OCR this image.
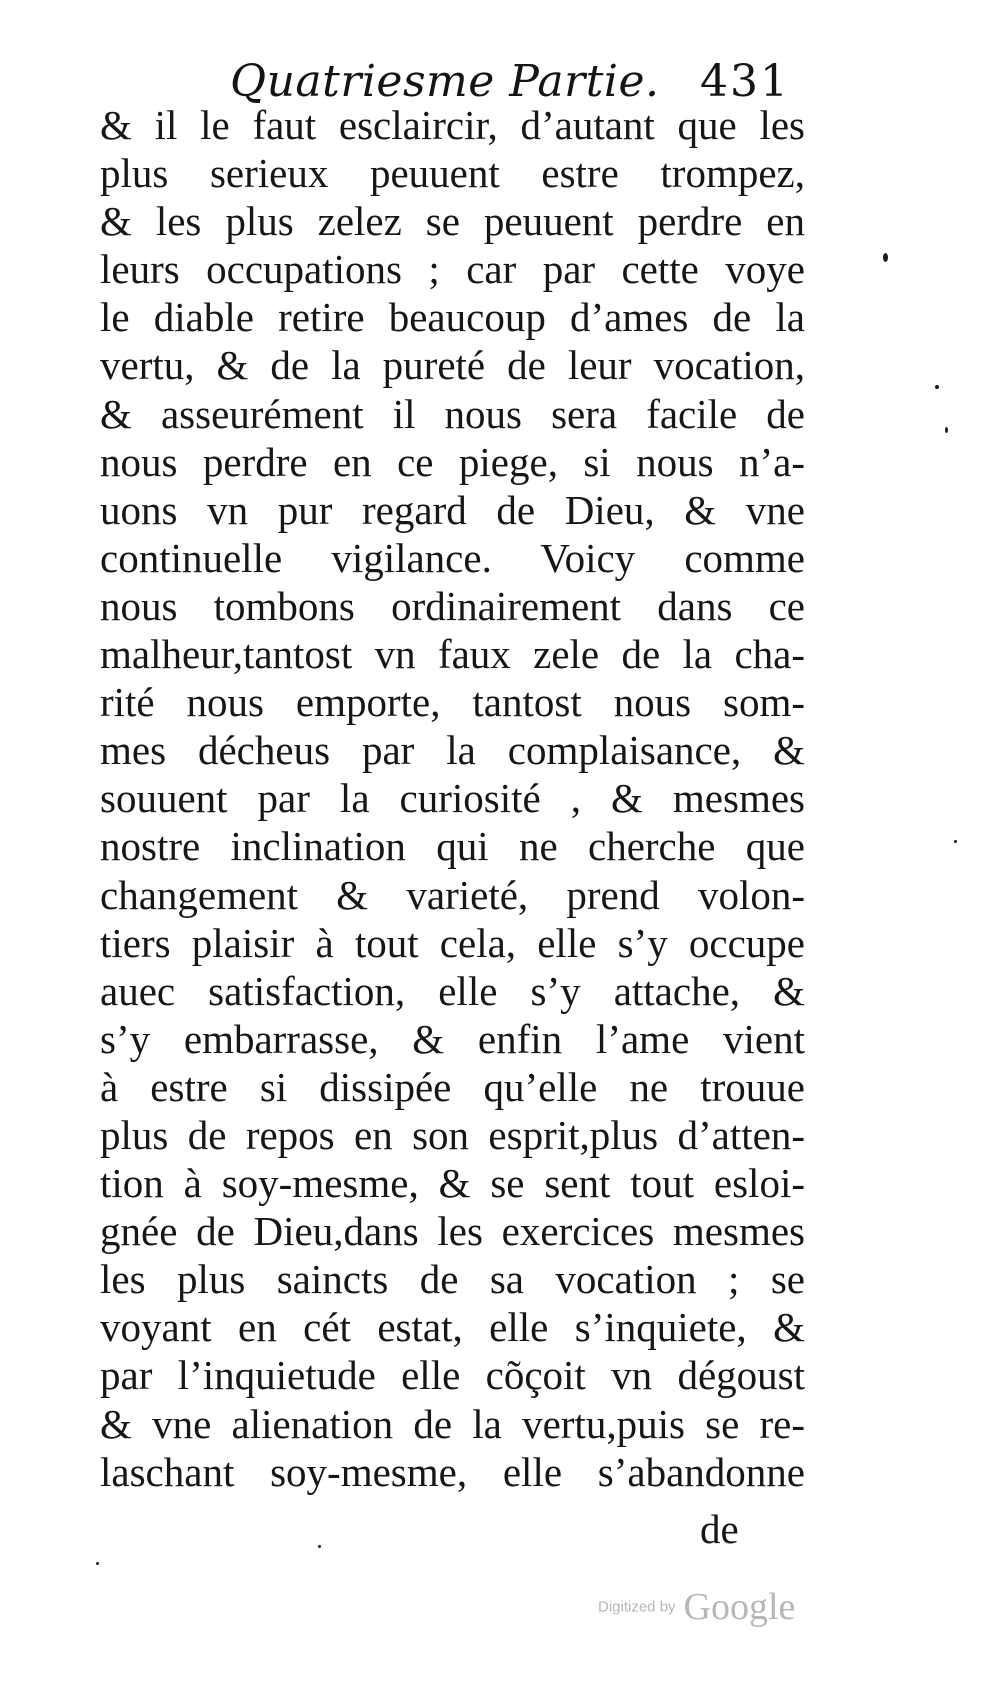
Quatriesme Partie. 431
& il le faut esclaircir, d’autant que les
plus serieux peuuent estre trompez,
& les plus zelez se peuuent perdre en
leurs occupations ; car par cette voye
le diable retire beaucoup d’ames de la
vertu, & de la pureté de leur vocation,
& asseurément il nous sera facile de
nous perdre en ce piege, si nous n’a-
uons vn pur regard de Dieu, & vne
continuelle vigilance. Voicy comme
nous tombons ordinairement dans ce
malheur,tantost vn faux zele de la cha-
rité nous emporte, tantost nous som-
mes décheus par la complaisance, &
souuent par la curiosité , & mesmes
nostre inclination qui ne cherche que
changement & varieté, prend volon-
tiers plaisir à tout cela, elle s’y occupe
auec satisfaction, elle s’y attache, &
s’y embarrasse, & enfin l’ame vient
à estre si dissipée qu’elle ne trouue
plus de repos en son esprit,plus d’atten-
tion à soy-mesme, & se sent tout esloi-
gnée de Dieu,dans les exercices mesmes
les plus saincts de sa vocation ; se
voyant en cét estat, elle s’inquiete, &
par l’inquietude elle cõçoit vn dégoust
& vne alienation de la vertu,puis se re-
laschant soy-mesme, elle s’abandonne
de
Digitized by Google
